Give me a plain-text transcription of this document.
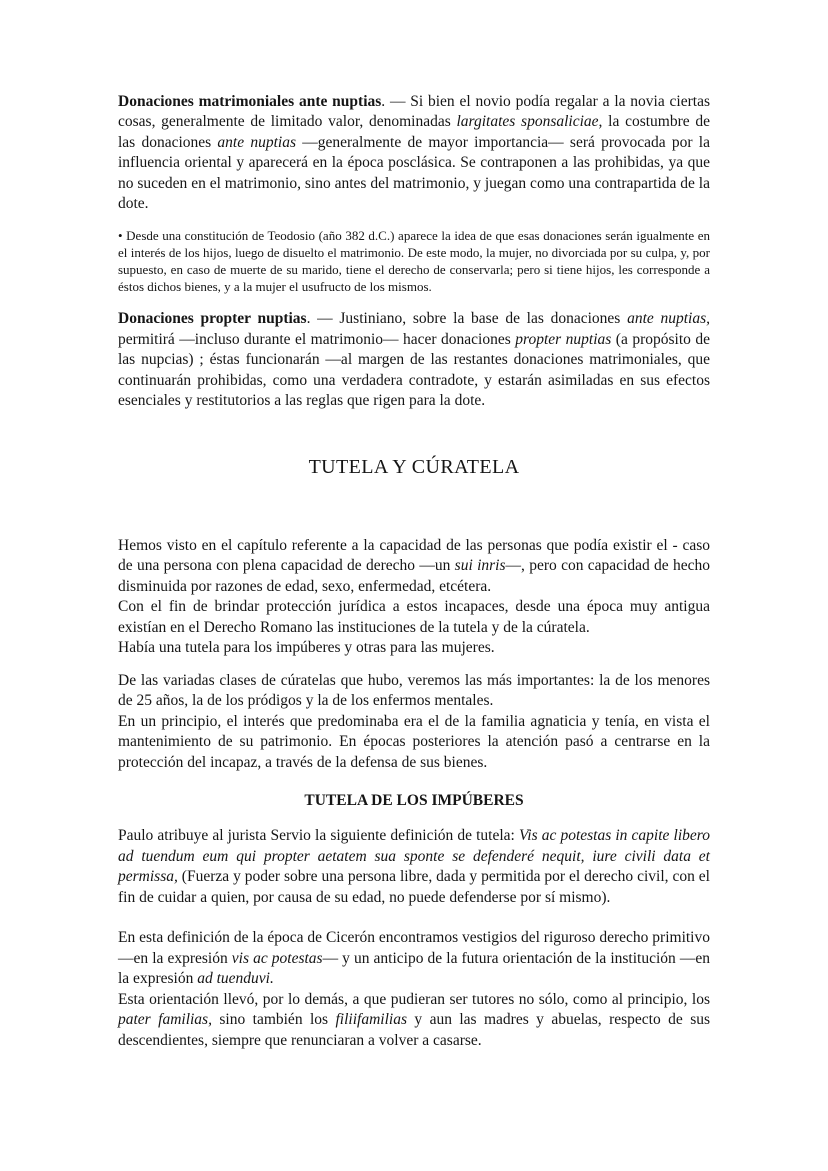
Donaciones matrimoniales ante nuptias. — Si bien el novio podía regalar a la novia ciertas cosas, generalmente de limitado valor, denominadas largitates sponsaliciae, la costumbre de las donaciones ante nuptias —generalmente de mayor importancia— será provocada por la influencia oriental y aparecerá en la época posclásica. Se contraponen a las prohibidas, ya que no suceden en el matrimonio, sino antes del matrimonio, y juegan como una contrapartida de la dote.

• Desde una constitución de Teodosio (año 382 d.C.) aparece la idea de que esas donaciones serán igualmente en el interés de los hijos, luego de disuelto el matrimonio. De este modo, la mujer, no divorciada por su culpa, y, por supuesto, en caso de muerte de su marido, tiene el derecho de conservarla; pero si tiene hijos, les corresponde a éstos dichos bienes, y a la mujer el usufructo de los mismos.

Donaciones propter nuptias. — Justiniano, sobre la base de las donaciones ante nuptias, permitirá —incluso durante el matrimonio— hacer donaciones propter nuptias (a propósito de las nupcias) ; éstas funcionarán —al margen de las restantes donaciones matrimoniales, que continuarán prohibidas, como una verdadera contradote, y estarán asimiladas en sus efectos esenciales y restitutorios a las reglas que rigen para la dote.

TUTELA Y CÚRATELA

Hemos visto en el capítulo referente a la capacidad de las personas que podía existir el - caso de una persona con plena capacidad de derecho —un sui inris—, pero con capacidad de hecho disminuida por razones de edad, sexo, enfermedad, etcétera.

Con el fin de brindar protección jurídica a estos incapaces, desde una época muy antigua existían en el Derecho Romano las instituciones de la tutela y de la cúratela.

Había una tutela para los impúberes y otras para las mujeres.

De las variadas clases de cúratelas que hubo, veremos las más importantes: la de los menores de 25 años, la de los pródigos y la de los enfermos mentales.

En un principio, el interés que predominaba era el de la familia agnaticia y tenía, en vista el mantenimiento de su patrimonio. En épocas posteriores la atención pasó a centrarse en la protección del incapaz, a través de la defensa de sus bienes.

TUTELA DE LOS IMPÚBERES

Paulo atribuye al jurista Servio la siguiente definición de tutela: Vis ac potestas in capite libero ad tuendum eum qui propter aetatem sua sponte se defenderé nequit, iure civili data et permissa, (Fuerza y poder sobre una persona libre, dada y permitida por el derecho civil, con el fin de cuidar a quien, por causa de su edad, no puede defenderse por sí mismo).

En esta definición de la época de Cicerón encontramos vestigios del riguroso derecho primitivo —en la expresión vis ac potestas— y un anticipo de la futura orientación de la institución —en la expresión ad tuenduvi.

Esta orientación llevó, por lo demás, a que pudieran ser tutores no sólo, como al principio, los pater familias, sino también los filiifamilias y aun las madres y abuelas, respecto de sus descendientes, siempre que renunciaran a volver a casarse.
